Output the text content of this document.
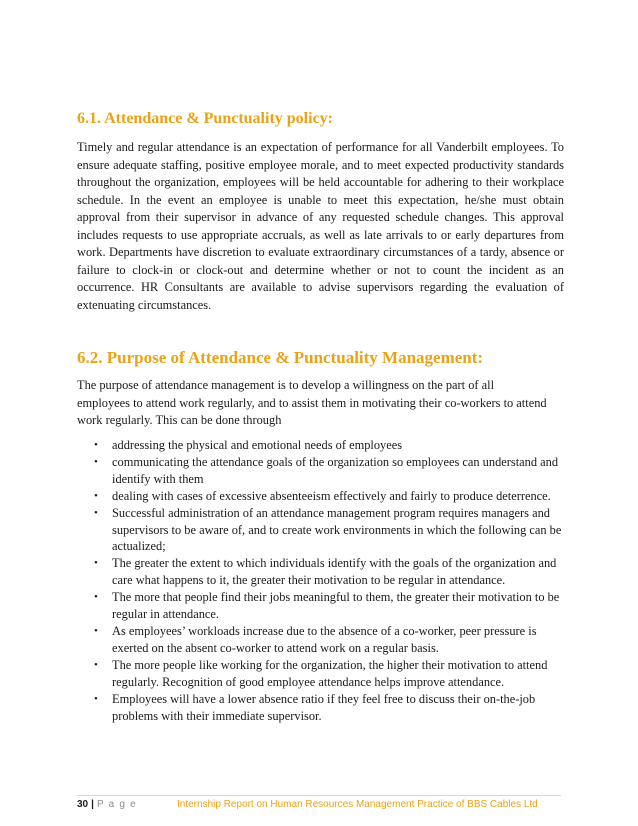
6.1. Attendance & Punctuality policy:

Timely and regular attendance is an expectation of performance for all Vanderbilt employees. To ensure adequate staffing, positive employee morale, and to meet expected productivity standards throughout the organization, employees will be held accountable for adhering to their workplace schedule. In the event an employee is unable to meet this expectation, he/she must obtain approval from their supervisor in advance of any requested schedule changes. This approval includes requests to use appropriate accruals, as well as late arrivals to or early departures from work. Departments have discretion to evaluate extraordinary circumstances of a tardy, absence or failure to clock-in or clock-out and determine whether or not to count the incident as an occurrence. HR Consultants are available to advise supervisors regarding the evaluation of extenuating circumstances.

6.2. Purpose of Attendance & Punctuality Management:

The purpose of attendance management is to develop a willingness on the part of all employees to attend work regularly, and to assist them in motivating their co-workers to attend work regularly. This can be done through

• addressing the physical and emotional needs of employees
• communicating the attendance goals of the organization so employees can understand and identify with them
• dealing with cases of excessive absenteeism effectively and fairly to produce deterrence.
• Successful administration of an attendance management program requires managers and supervisors to be aware of, and to create work environments in which the following can be actualized;
• The greater the extent to which individuals identify with the goals of the organization and care what happens to it, the greater their motivation to be regular in attendance.
• The more that people find their jobs meaningful to them, the greater their motivation to be regular in attendance.
• As employees’ workloads increase due to the absence of a co-worker, peer pressure is exerted on the absent co-worker to attend work on a regular basis.
• The more people like working for the organization, the higher their motivation to attend regularly. Recognition of good employee attendance helps improve attendance.
• Employees will have a lower absence ratio if they feel free to discuss their on-the-job problems with their immediate supervisor.
30 | P a g e	Internship Report on Human Resources Management Practice of BBS Cables Ltd
